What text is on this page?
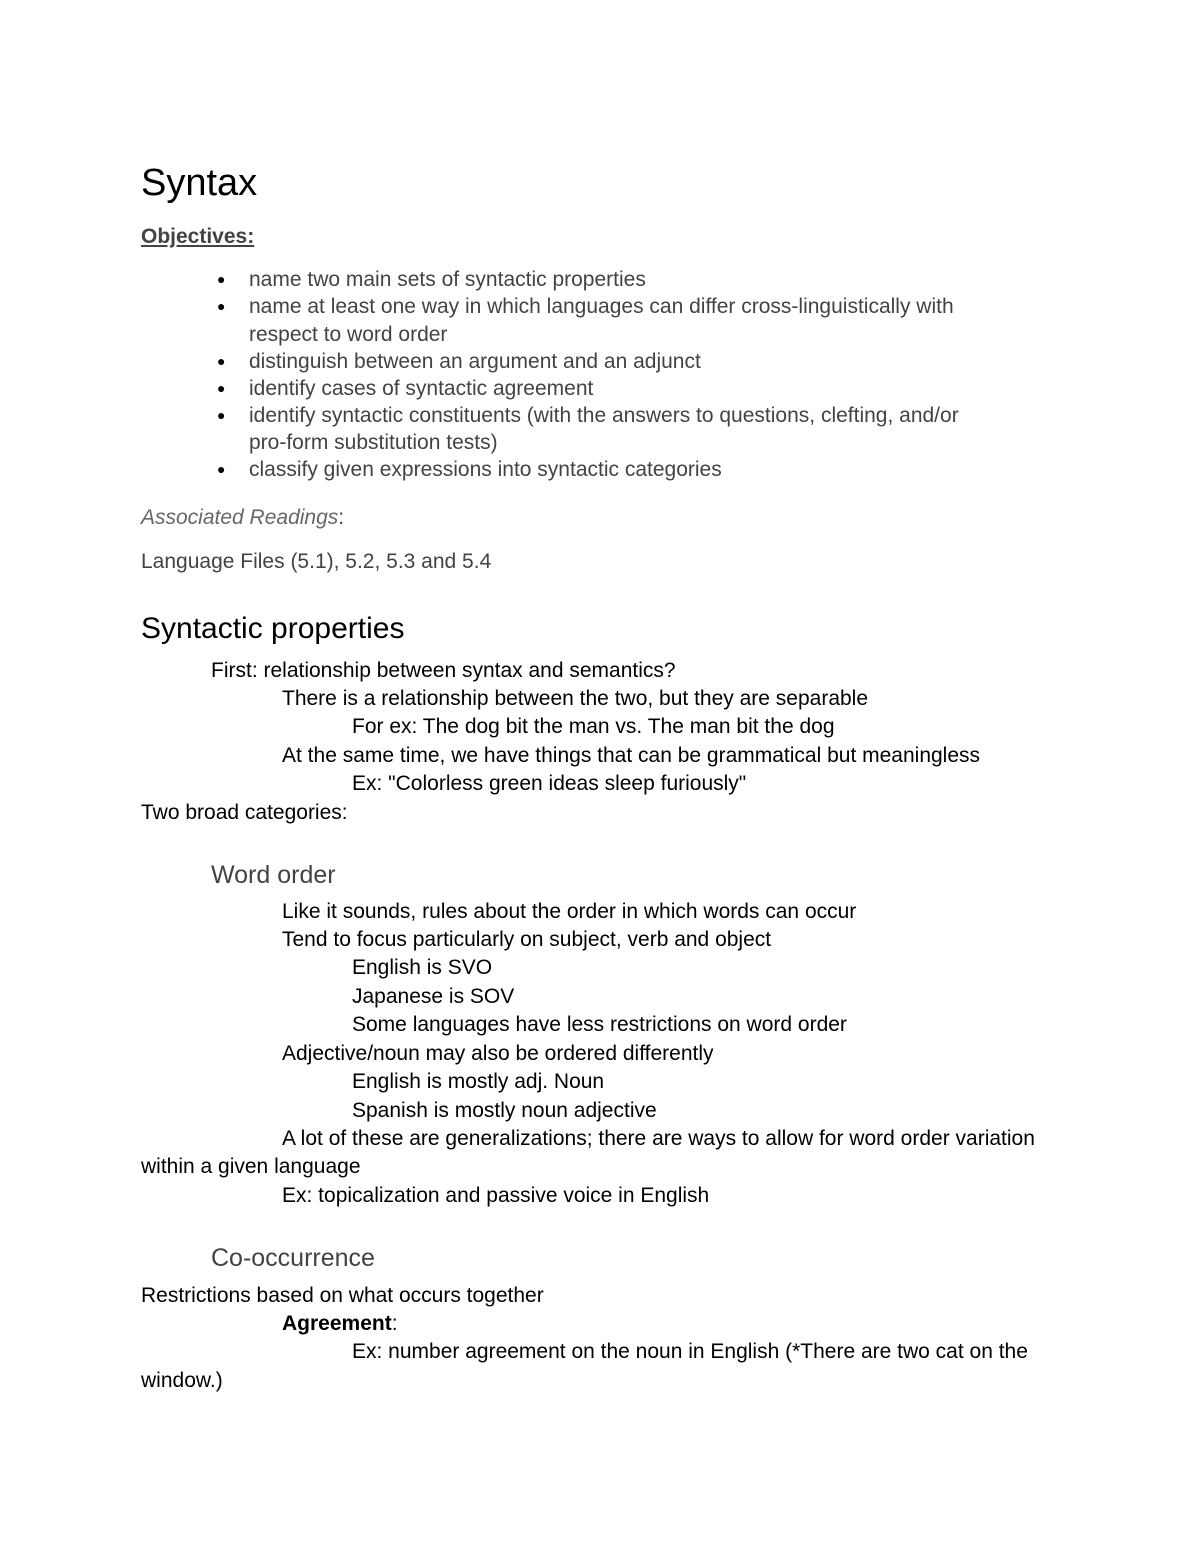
Syntax
Objectives:
● name two main sets of syntactic properties
● name at least one way in which languages can differ cross-linguistically with
respect to word order
● distinguish between an argument and an adjunct
● identify cases of syntactic agreement
● identify syntactic constituents (with the answers to questions, clefting, and/or
pro-form substitution tests)
● classify given expressions into syntactic categories
Associated Readings:
Language Files (5.1), 5.2, 5.3 and 5.4
Syntactic properties
First: relationship between syntax and semantics?
There is a relationship between the two, but they are separable
For ex: The dog bit the man vs. The man bit the dog
At the same time, we have things that can be grammatical but meaningless
Ex: "Colorless green ideas sleep furiously"
Two broad categories:
Word order
Like it sounds, rules about the order in which words can occur
Tend to focus particularly on subject, verb and object
English is SVO
Japanese is SOV
Some languages have less restrictions on word order
Adjective/noun may also be ordered differently
English is mostly adj. Noun
Spanish is mostly noun adjective
A lot of these are generalizations; there are ways to allow for word order variation
within a given language
Ex: topicalization and passive voice in English
Co-occurrence
Restrictions based on what occurs together
Agreement:
Ex: number agreement on the noun in English (*There are two cat on the
window.)
